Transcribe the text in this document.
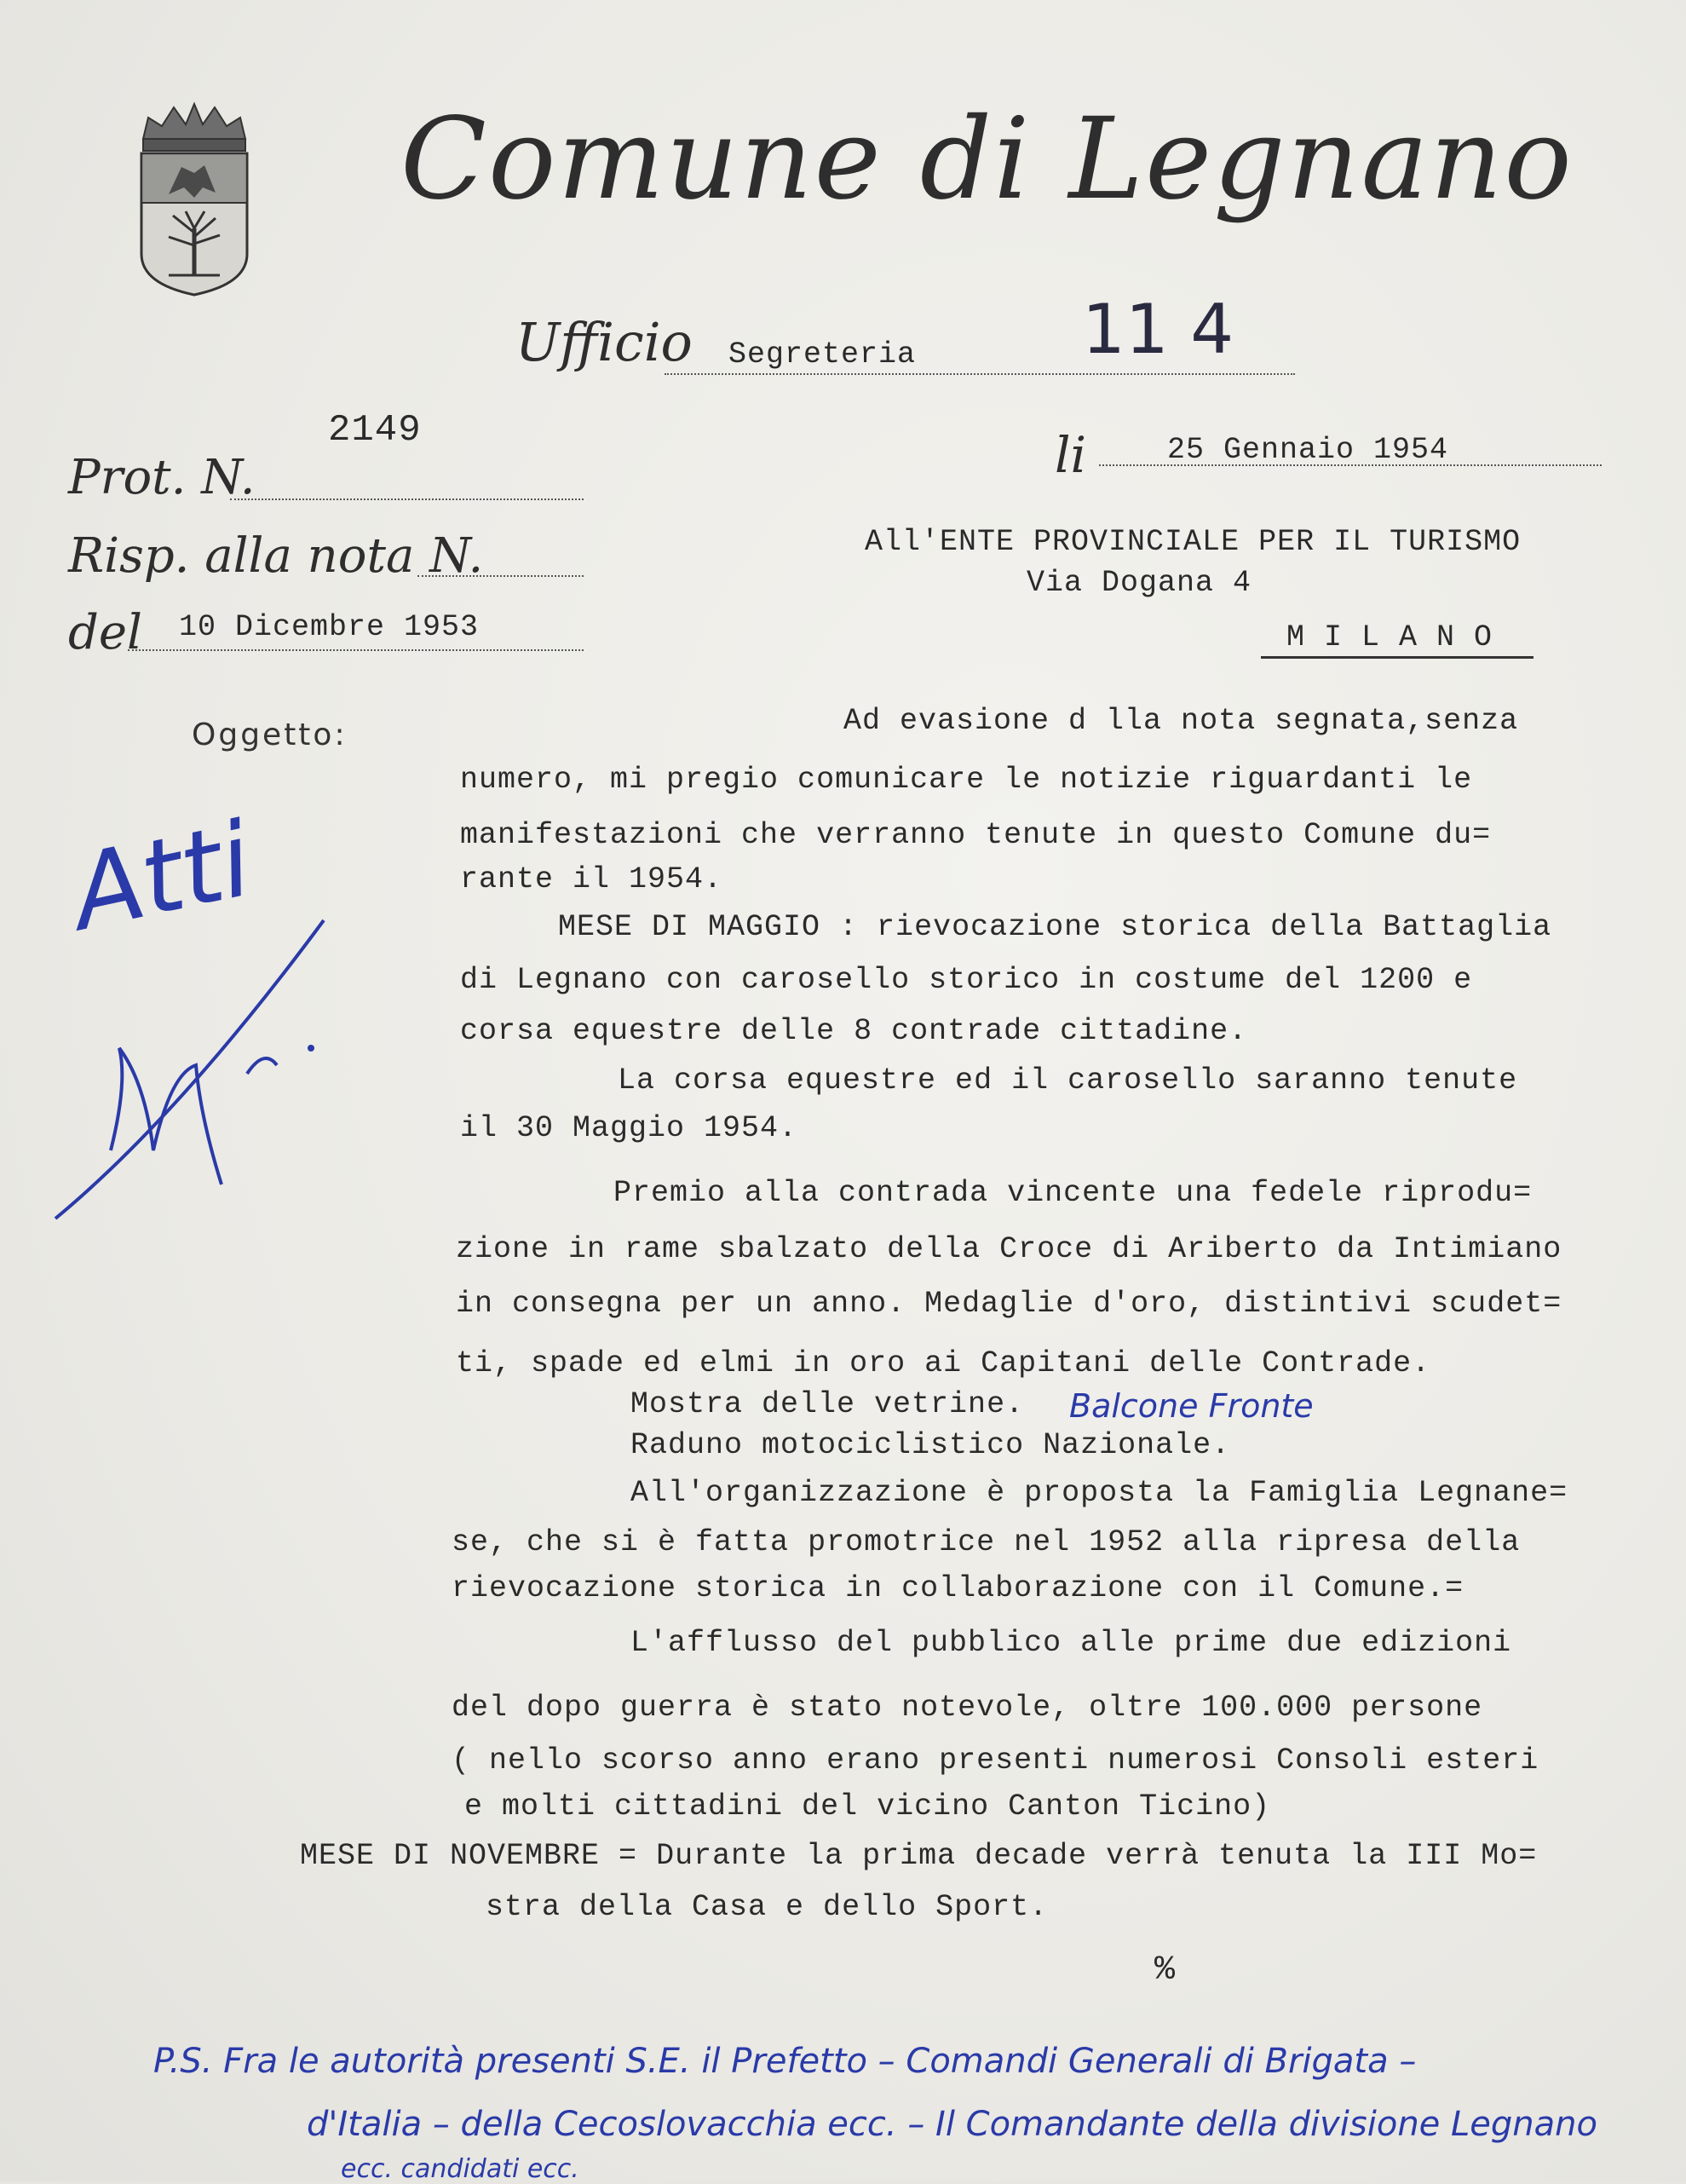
Comune di Legnano
Ufficio Segreteria 11 4
Prot. N.
2149
Risp. alla nota N.
del 10 Dicembre 1953
Oggetto:
li	25 Gennaio 1954
All'ENTE PROVINCIALE PER IL TURISMO
Via Dogana 4
M I L A N O
Ad evasione d lla nota segnata,senza
numero, mi pregio comunicare le notizie riguardanti le
manifestazioni che verranno tenute in questo Comune du=
rante il 1954.
MESE DI MAGGIO : rievocazione storica della Battaglia
di Legnano con carosello storico in costume del 1200 e
corsa equestre delle 8 contrade cittadine.
La corsa equestre ed il carosello saranno tenute
il 30 Maggio 1954.
Premio alla contrada vincente una fedele riprodu=
zione in rame sbalzato della Croce di Ariberto da Intimiano
in consegna per un anno. Medaglie d'oro, distintivi scudet=
ti, spade ed elmi in oro ai Capitani delle Contrade.
Mostra delle vetrine. Balcone Fronte
Raduno motociclistico Nazionale.
All'organizzazione è proposta la Famiglia Legnane=
se, che si è fatta promotrice nel 1952 alla ripresa della
rievocazione storica in collaborazione con il Comune.=
L'afflusso del pubblico alle prime due edizioni
del dopo guerra è stato notevole, oltre 100.000 persone
( nello scorso anno erano presenti numerosi Consoli esteri
e molti cittadini del vicino Canton Ticino)
MESE DI NOVEMBRE = Durante la prima decade verrà tenuta la III Mo=
stra della Casa e dello Sport.
%
Atti
P.S. Fra le autorità presenti S.E. il Prefetto – Comandi Generali di Brigata –
d'Italia – della Cecoslovacchia ecc. – Il Comandante della divisione Legnano
ecc. candidati ecc.
